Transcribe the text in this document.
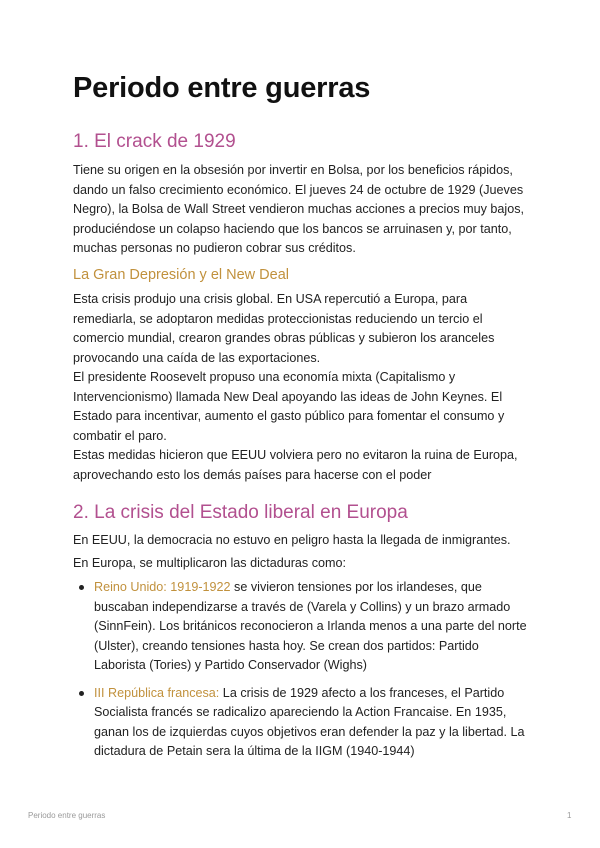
Periodo entre guerras
1. El crack de 1929

Tiene su origen en la obsesión por invertir en Bolsa, por los beneficios rápidos, dando un falso crecimiento económico. El jueves 24 de octubre de 1929 (Jueves Negro), la Bolsa de Wall Street vendieron muchas acciones a precios muy bajos, produciéndose un colapso haciendo que los bancos se arruinasen y, por tanto, muchas personas no pudieron cobrar sus créditos.

La Gran Depresión y el New Deal

Esta crisis produjo una crisis global. En USA repercutió a Europa, para remediarla, se adoptaron medidas proteccionistas reduciendo un tercio el comercio mundial, crearon grandes obras públicas y subieron los aranceles provocando una caída de las exportaciones.

El presidente Roosevelt propuso una economía mixta (Capitalismo y Intervencionismo) llamada New Deal apoyando las ideas de John Keynes. El Estado para incentivar, aumento el gasto público para fomentar el consumo y combatir el paro.

Estas medidas hicieron que EEUU volviera pero no evitaron la ruina de Europa, aprovechando esto los demás países para hacerse con el poder

2. La crisis del Estado liberal en Europa

En EEUU, la democracia no estuvo en peligro hasta la llegada de inmigrantes.

En Europa, se multiplicaron las dictaduras como:

Reino Unido: 1919-1922 se vivieron tensiones por los irlandeses, que buscaban independizarse a través de (Varela y Collins) y un brazo armado (SinnFein). Los británicos reconocieron a Irlanda menos a una parte del norte (Ulster), creando tensiones hasta hoy. Se crean dos partidos: Partido Laborista (Tories) y Partido Conservador (Wighs)
III República francesa: La crisis de 1929 afecto a los franceses, el Partido Socialista francés se radicalizo apareciendo la Action Francaise. En 1935, ganan los de izquierdas cuyos objetivos eran defender la paz y la libertad. La dictadura de Petain sera la última de la IIGM (1940-1944)
Periodo entre guerras	1
